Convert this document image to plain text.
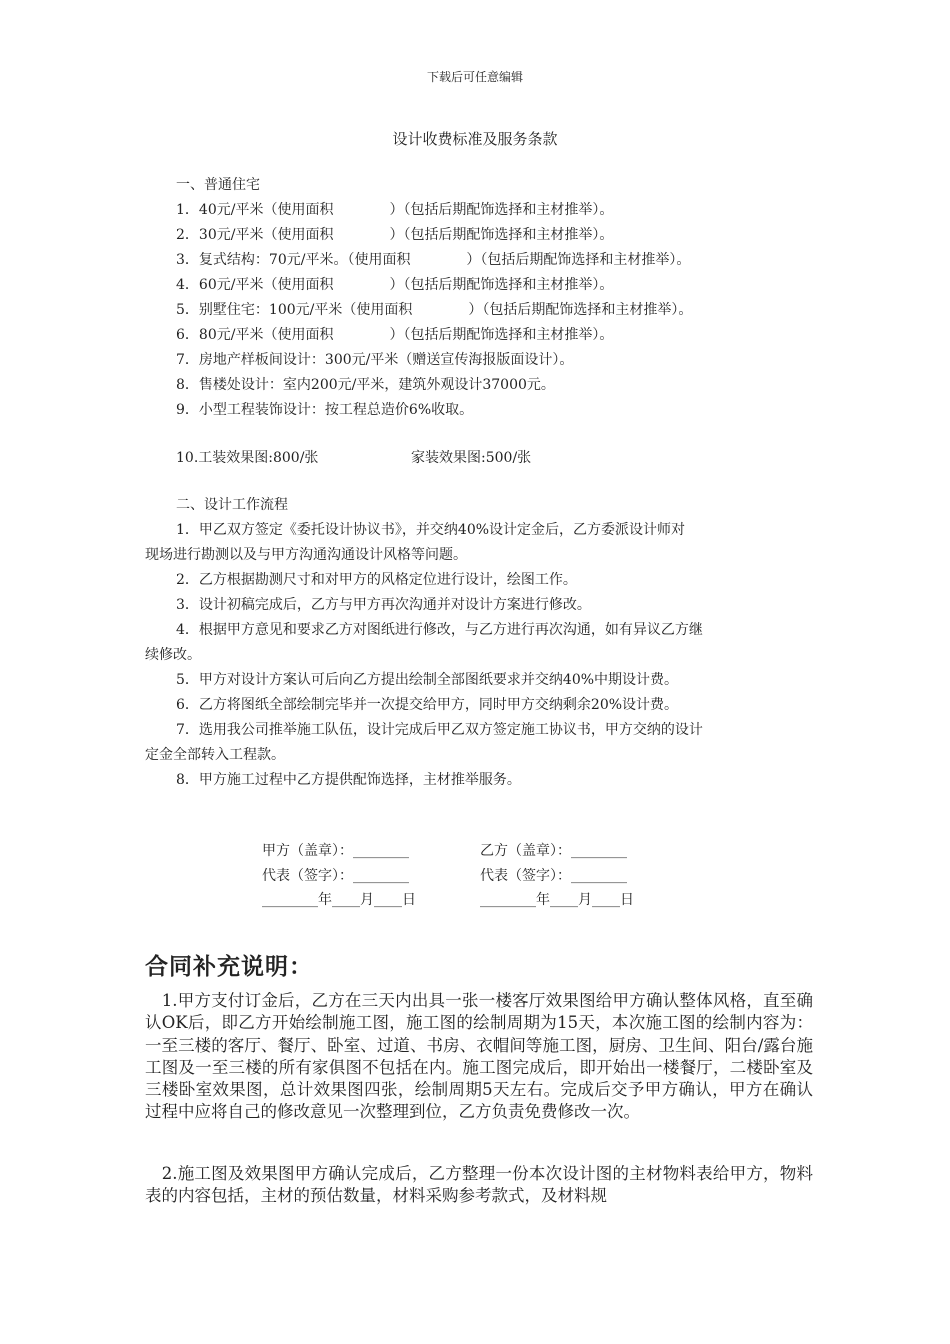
下载后可任意编辑
设计收费标准及服务条款
一、普通住宅
1．40元/平米（使用面积　　　　）（包括后期配饰选择和主材推举）。
2．30元/平米（使用面积　　　　）（包括后期配饰选择和主材推举）。
3．复式结构：70元/平米。（使用面积　　　　）（包括后期配饰选择和主材推举）。
4．60元/平米（使用面积　　　　）（包括后期配饰选择和主材推举）。
5．别墅住宅：100元/平米（使用面积　　　　）（包括后期配饰选择和主材推举）。
6．80元/平米（使用面积　　　　）（包括后期配饰选择和主材推举）。
7．房地产样板间设计：300元/平米（赠送宣传海报版面设计）。
8．售楼处设计：室内200元/平米，建筑外观设计37000元。
9．小型工程装饰设计：按工程总造价6%收取。
10.工装效果图:800/张	家装效果图:500/张
二、设计工作流程
1．甲乙双方签定《委托设计协议书》，并交纳40%设计定金后，乙方委派设计师对
现场进行勘测以及与甲方沟通沟通设计风格等问题。
2．乙方根据勘测尺寸和对甲方的风格定位进行设计，绘图工作。
3．设计初稿完成后，乙方与甲方再次沟通并对设计方案进行修改。
4．根据甲方意见和要求乙方对图纸进行修改，与乙方进行再次沟通，如有异议乙方继
续修改。
5．甲方对设计方案认可后向乙方提出绘制全部图纸要求并交纳40%中期设计费。
6．乙方将图纸全部绘制完毕并一次提交给甲方，同时甲方交纳剩余20%设计费。
7．选用我公司推举施工队伍，设计完成后甲乙双方签定施工协议书，甲方交纳的设计
定金全部转入工程款。
8．甲方施工过程中乙方提供配饰选择，主材推举服务。
甲方（盖章）：________	乙方（盖章）：________
代表（签字）：________	代表（签字）：________
________年____月____日	________年____月____日
合同补充说明：
　1.甲方支付订金后，乙方在三天内出具一张一楼客厅效果图给甲方确认整体风格，直至确认OK后，即乙方开始绘制施工图，施工图的绘制周期为15天，本次施工图的绘制内容为：一至三楼的客厅、餐厅、卧室、过道、书房、衣帽间等施工图，厨房、卫生间、阳台/露台施工图及一至三楼的所有家俱图不包括在内。施工图完成后，即开始出一楼餐厅，二楼卧室及三楼卧室效果图，总计效果图四张，绘制周期5天左右。完成后交予甲方确认，甲方在确认过程中应将自己的修改意见一次整理到位，乙方负责免费修改一次。
　2.施工图及效果图甲方确认完成后，乙方整理一份本次设计图的主材物料表给甲方，物料表的内容包括，主材的预估数量，材料采购参考款式，及材料规
